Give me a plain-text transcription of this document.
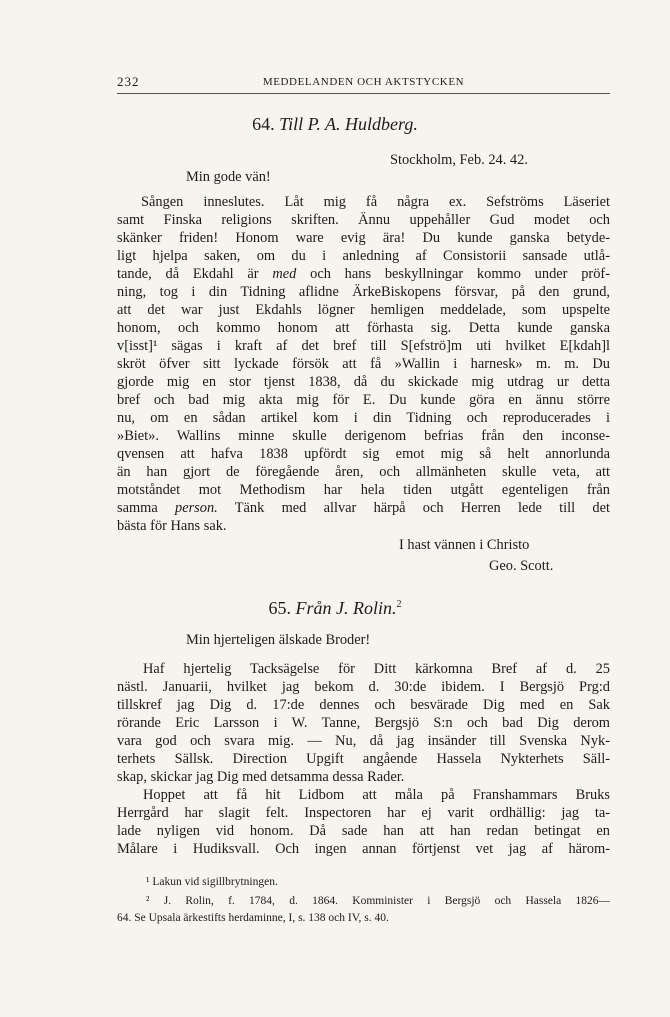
232	MEDDELANDEN OCH AKTSTYCKEN
64. Till P. A. Huldberg.
Stockholm, Feb. 24. 42.
Min gode vän!
Sången inneslutes. Låt mig få några ex. Sefströms Läseriet
samt Finska religions skriften. Ännu uppehåller Gud modet och
skänker friden! Honom ware evig ära! Du kunde ganska betyde-
ligt hjelpa saken, om du i anledning af Consistorii sansade utlå-
tande, då Ekdahl är med och hans beskyllningar kommo under pröf-
ning, tog i din Tidning aflidne ÄrkeBiskopens försvar, på den grund,
att det war just Ekdahls lögner hemligen meddelade, som upspelte
honom, och kommo honom att förhasta sig. Detta kunde ganska
v[isst]¹ sägas i kraft af det bref till S[efströ]m uti hvilket E[kdah]l
skröt öfver sitt lyckade försök att få »Wallin i harnesk» m. m. Du
gjorde mig en stor tjenst 1838, då du skickade mig utdrag ur detta
bref och bad mig akta mig för E. Du kunde göra en ännu större
nu, om en sådan artikel kom i din Tidning och reproducerades i
»Biet». Wallins minne skulle derigenom befrias från den inconse-
qvensen att hafva 1838 upfördt sig emot mig så helt annorlunda
än han gjort de föregående åren, och allmänheten skulle veta, att
motståndet mot Methodism har hela tiden utgått egenteligen från
samma person. Tänk med allvar härpå och Herren lede till det
bästa för Hans sak.
I hast vännen i Christo
Geo. Scott.
65. Från J. Rolin.$^2$
Min hjerteligen älskade Broder!
Haf hjertelig Tacksägelse för Ditt kärkomna Bref af d. 25
nästl. Januarii, hvilket jag bekom d. 30:de ibidem. I Bergsjö Prg:d
tillskref jag Dig d. 17:de dennes och besvärade Dig med en Sak
rörande Eric Larsson i W. Tanne, Bergsjö S:n och bad Dig derom
vara god och svara mig. — Nu, då jag insänder till Svenska Nyk-
terhets Sällsk. Direction Upgift angående Hassela Nykterhets Säll-
skap, skickar jag Dig med detsamma dessa Rader.
Hoppet att få hit Lidbom att måla på Franshammars Bruks
Herrgård har slagit felt. Inspectoren har ej varit ordhällig: jag ta-
lade nyligen vid honom. Då sade han att han redan betingat en
Målare i Hudiksvall. Och ingen annan förtjenst vet jag af härom-
¹ Lakun vid sigillbrytningen.
² J. Rolin, f. 1784, d. 1864. Komminister i Bergsjö och Hassela 1826—
64. Se Upsala ärkestifts herdaminne, I, s. 138 och IV, s. 40.
